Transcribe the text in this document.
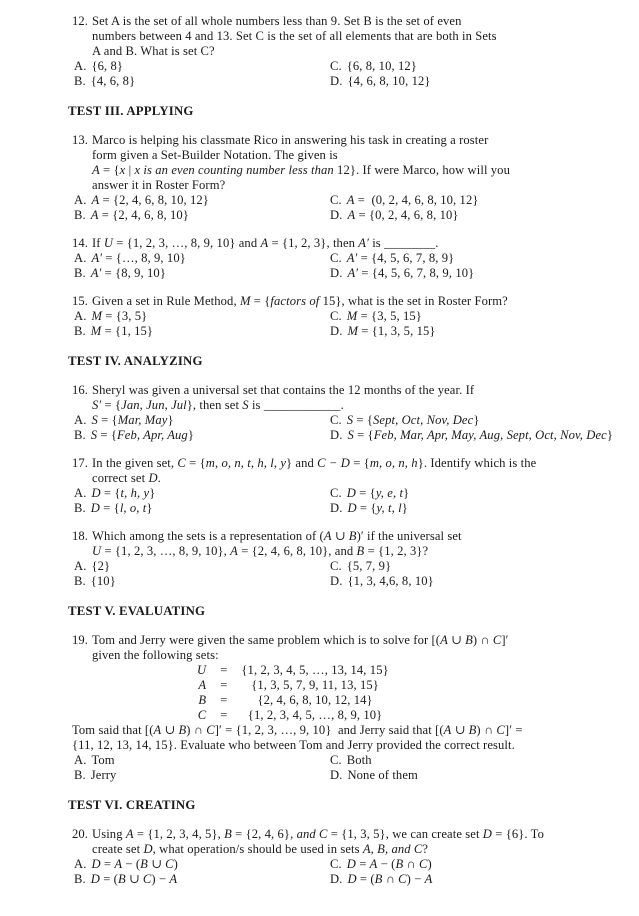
12. Set A is the set of all whole numbers less than 9. Set B is the set of even
numbers between 4 and 13. Set C is the set of all elements that are both in Sets
A and B. What is set C?
A. {6, 8}
B. {4, 6, 8}
C. {6, 8, 10, 12}
D. {4, 6, 8, 10, 12}
TEST III. APPLYING
13. Marco is helping his classmate Rico in answering his task in creating a roster
form given a Set-Builder Notation. The given is
A = {x | x is an even counting number less than 12}. If were Marco, how will you
answer it in Roster Form?
A. A = {2, 4, 6, 8, 10, 12}
B. A = {2, 4, 6, 8, 10}
C. A =  (0, 2, 4, 6, 8, 10, 12}
D. A = {0, 2, 4, 6, 8, 10}
14. If U = {1, 2, 3, …, 8, 9, 10} and A = {1, 2, 3}, then A′ is ________.
A. A′ = {…, 8, 9, 10}
B. A′ = {8, 9, 10}
C. A′ = {4, 5, 6, 7, 8, 9}
D. A′ = {4, 5, 6, 7, 8, 9, 10}
15. Given a set in Rule Method, M = {factors of 15}, what is the set in Roster Form?
A. M = {3, 5}
B. M = {1, 15}
C. M = {3, 5, 15}
D. M = {1, 3, 5, 15}
TEST IV. ANALYZING
16. Sheryl was given a universal set that contains the 12 months of the year. If
S′ = {Jan, Jun, Jul}, then set S is ____________.
A. S = {Mar, May}
B. S = {Feb, Apr, Aug}
C. S = {Sept, Oct, Nov, Dec}
D. S = {Feb, Mar, Apr, May, Aug, Sept, Oct, Nov, Dec}
17. In the given set, C = {m, o, n, t, h, l, y} and C − D = {m, o, n, h}. Identify which is the
correct set D.
A. D = {t, h, y}
B. D = {l, o, t}
C. D = {y, e, t}
D. D = {y, t, l}
18. Which among the sets is a representation of (A ∪ B)′ if the universal set
U = {1, 2, 3, …, 8, 9, 10}, A = {2, 4, 6, 8, 10}, and B = {1, 2, 3}?
A. {2}
B. {10}
C. {5, 7, 9}
D. {1, 3, 4,6, 8, 10}
TEST V. EVALUATING
19. Tom and Jerry were given the same problem which is to solve for [(A ∪ B) ∩ C]′
given the following sets:
U	=	{1, 2, 3, 4, 5, …, 13, 14, 15}
A	=	{1, 3, 5, 7, 9, 11, 13, 15}
B	=	{2, 4, 6, 8, 10, 12, 14}
C	=	{1, 2, 3, 4, 5, …, 8, 9, 10}
Tom said that [(A ∪ B) ∩ C]′ = {1, 2, 3, …, 9, 10}  and Jerry said that [(A ∪ B) ∩ C]′ =
{11, 12, 13, 14, 15}. Evaluate who between Tom and Jerry provided the correct result.
A. Tom
B. Jerry
C. Both
D. None of them
TEST VI. CREATING
20. Using A = {1, 2, 3, 4, 5}, B = {2, 4, 6}, and C = {1, 3, 5}, we can create set D = {6}. To
create set D, what operation/s should be used in sets A, B, and C?
A. D = A − (B ∪ C)
B. D = (B ∪ C) − A
C. D = A − (B ∩ C)
D. D = (B ∩ C) − A
